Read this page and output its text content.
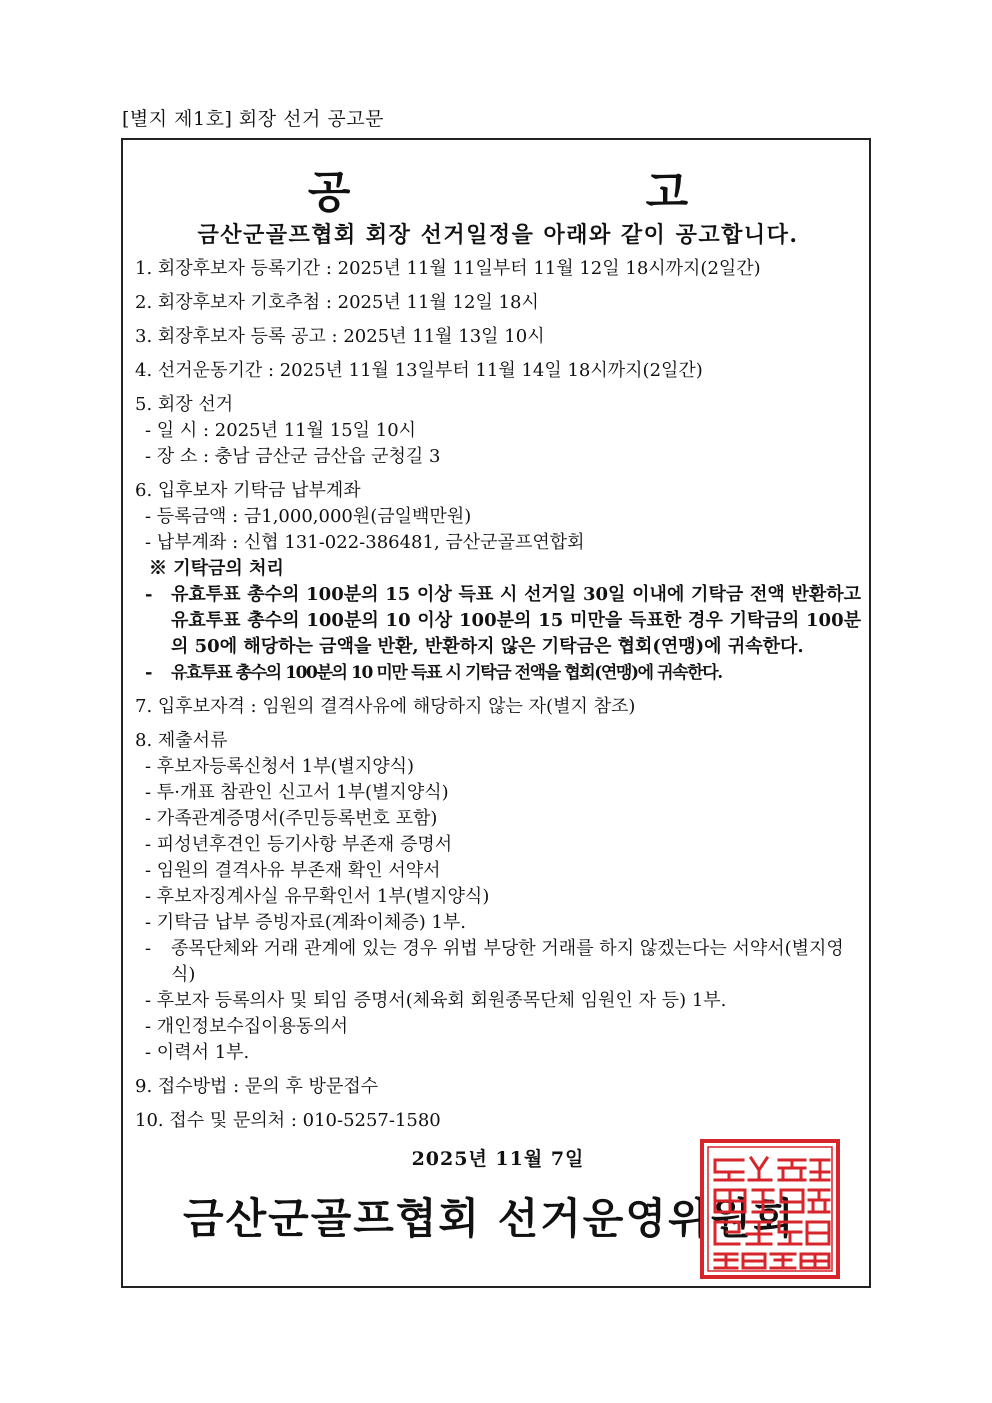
[별지 제1호] 회장 선거 공고문
공 고
금산군골프협회 회장 선거일정을 아래와 같이 공고합니다.
1. 회장후보자 등록기간 : 2025년 11월 11일부터 11월 12일 18시까지(2일간)
2. 회장후보자 기호추첨 : 2025년 11월 12일 18시
3. 회장후보자 등록 공고 : 2025년 11월 13일 10시
4. 선거운동기간 : 2025년 11월 13일부터 11월 14일 18시까지(2일간)
5. 회장 선거
- 일 시 : 2025년 11월 15일 10시
- 장 소 : 충남 금산군 금산읍 군청길 3
6. 입후보자 기탁금 납부계좌
- 등록금액 : 금1,000,000원(금일백만원)
- 납부계좌 : 신협 131-022-386481, 금산군골프연합회
※ 기탁금의 처리
-	유효투표 총수의 100분의 15 이상 득표 시 선거일 30일 이내에 기탁금 전액 반환하고 유효투표 총수의 100분의 10 이상 100분의 15 미만을 득표한 경우 기탁금의 100분의 50에 해당하는 금액을 반환, 반환하지 않은 기탁금은 협회(연맹)에 귀속한다.
-	유효투표 총수의 100분의 10 미만 득표 시 기탁금 전액을 협회(연맹)에 귀속한다.
7. 입후보자격 : 임원의 결격사유에 해당하지 않는 자(별지 참조)
8. 제출서류
- 후보자등록신청서 1부(별지양식)
- 투·개표 참관인 신고서 1부(별지양식)
- 가족관계증명서(주민등록번호 포함)
- 피성년후견인 등기사항 부존재 증명서
- 임원의 결격사유 부존재 확인 서약서
- 후보자징계사실 유무확인서 1부(별지양식)
- 기탁금 납부 증빙자료(계좌이체증) 1부.
-	종목단체와 거래 관계에 있는 경우 위법 부당한 거래를 하지 않겠는다는 서약서(별지영식)
- 후보자 등록의사 및 퇴임 증명서(체육회 회원종목단체 임원인 자 등) 1부.
- 개인정보수집이용동의서
- 이력서 1부.
9. 접수방법 : 문의 후 방문접수
10. 접수 및 문의처 : 010-5257-1580
2025년 11월 7일
금산군골프협회 선거운영위원회
